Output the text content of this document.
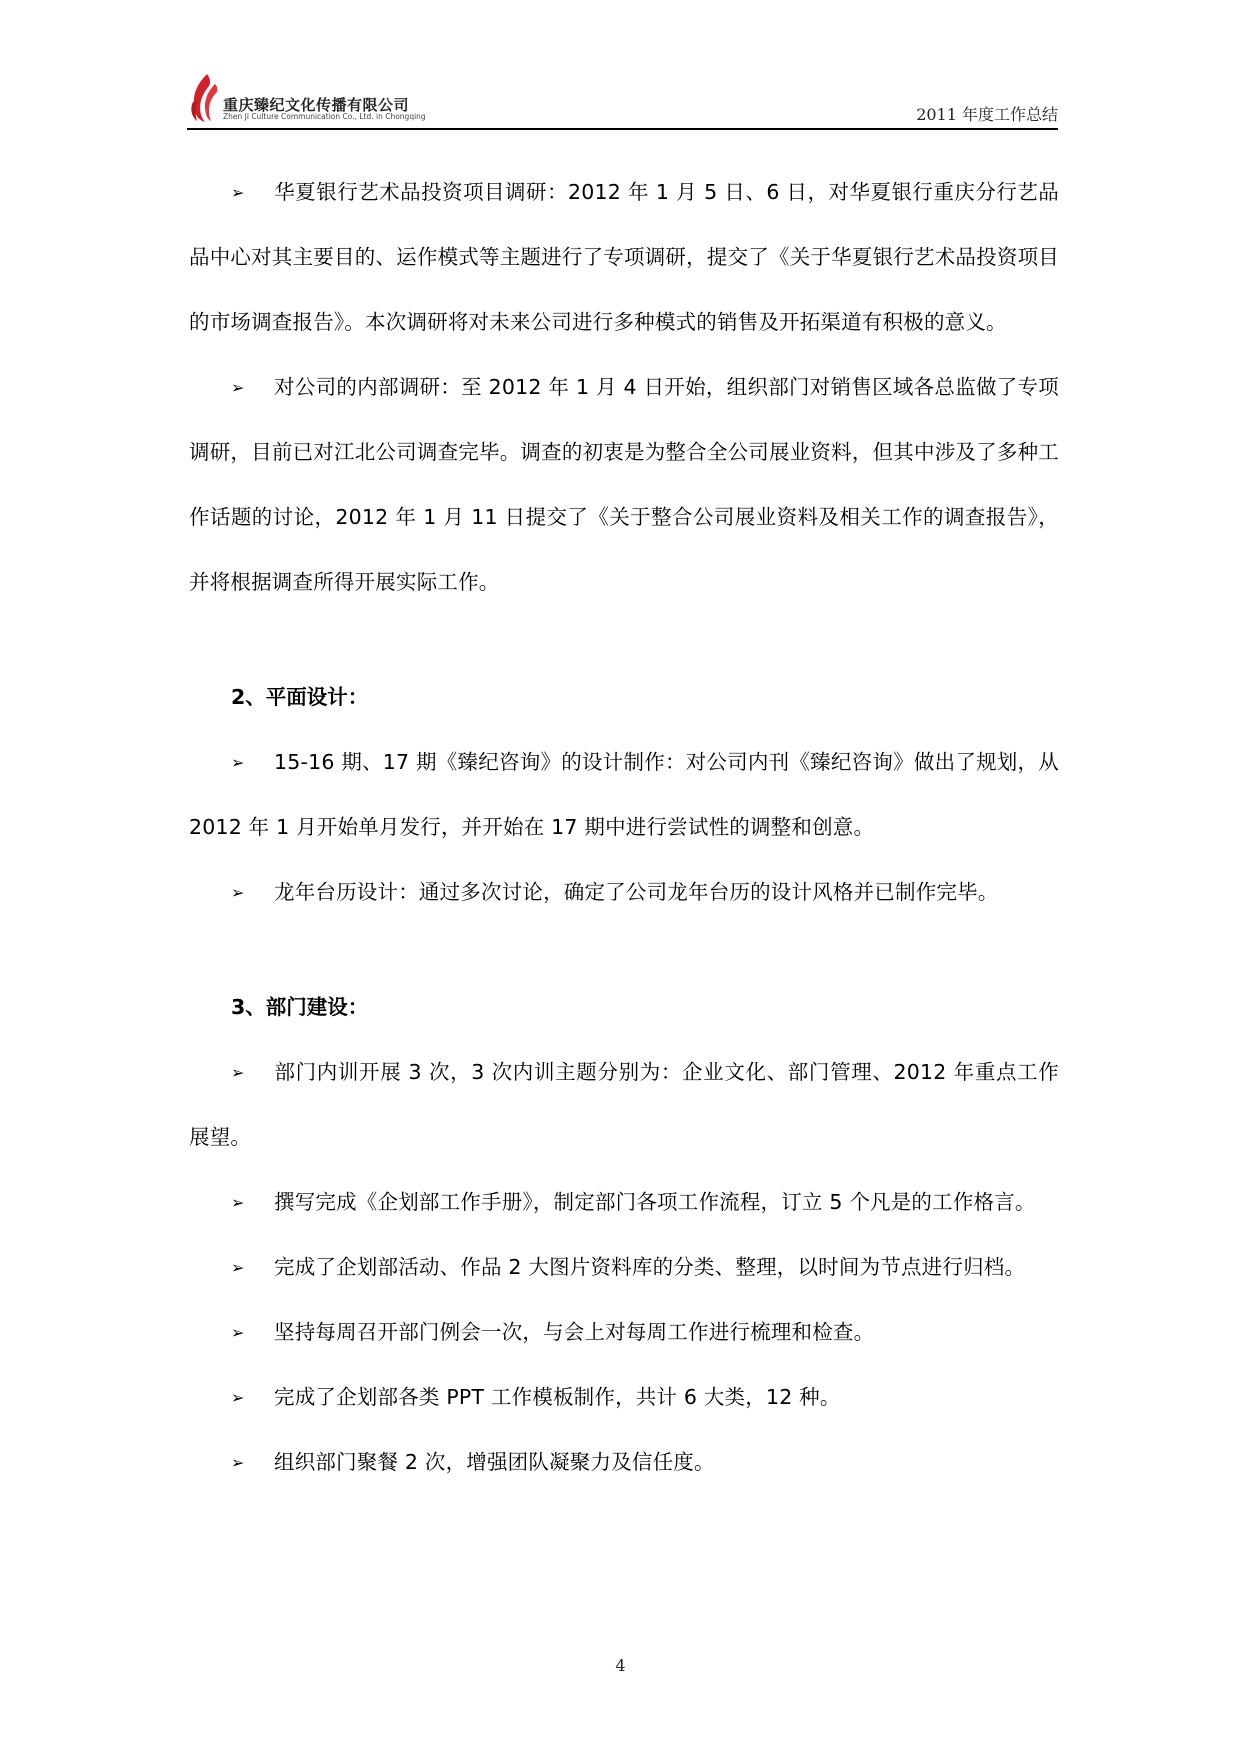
重庆臻纪文化传播有限公司
Zhen Ji Culture Communication Co., Ltd. in Chongqing	2011 年度工作总结

➢ 华夏银行艺术品投资项目调研：2012 年 1 月 5 日、6 日，对华夏银行重庆分行艺品品中心对其主要目的、运作模式等主题进行了专项调研，提交了《关于华夏银行艺术品投资项目的市场调查报告》。本次调研将对未来公司进行多种模式的销售及开拓渠道有积极的意义。

➢ 对公司的内部调研：至 2012 年 1 月 4 日开始，组织部门对销售区域各总监做了专项调研，目前已对江北公司调查完毕。调查的初衷是为整合全公司展业资料，但其中涉及了多种工作话题的讨论，2012 年 1 月 11 日提交了《关于整合公司展业资料及相关工作的调查报告》，并将根据调查所得开展实际工作。

2、平面设计：

➢ 15-16 期、17 期《臻纪咨询》的设计制作：对公司内刊《臻纪咨询》做出了规划，从 2012 年 1 月开始单月发行，并开始在 17 期中进行尝试性的调整和创意。

➢ 龙年台历设计：通过多次讨论，确定了公司龙年台历的设计风格并已制作完毕。

3、部门建设：

➢ 部门内训开展 3 次，3 次内训主题分别为：企业文化、部门管理、2012 年重点工作展望。

➢ 撰写完成《企划部工作手册》，制定部门各项工作流程，订立 5 个凡是的工作格言。

➢ 完成了企划部活动、作品 2 大图片资料库的分类、整理，以时间为节点进行归档。

➢ 坚持每周召开部门例会一次，与会上对每周工作进行梳理和检查。

➢ 完成了企划部各类 PPT 工作模板制作，共计 6 大类，12 种。

➢ 组织部门聚餐 2 次，增强团队凝聚力及信任度。

4
